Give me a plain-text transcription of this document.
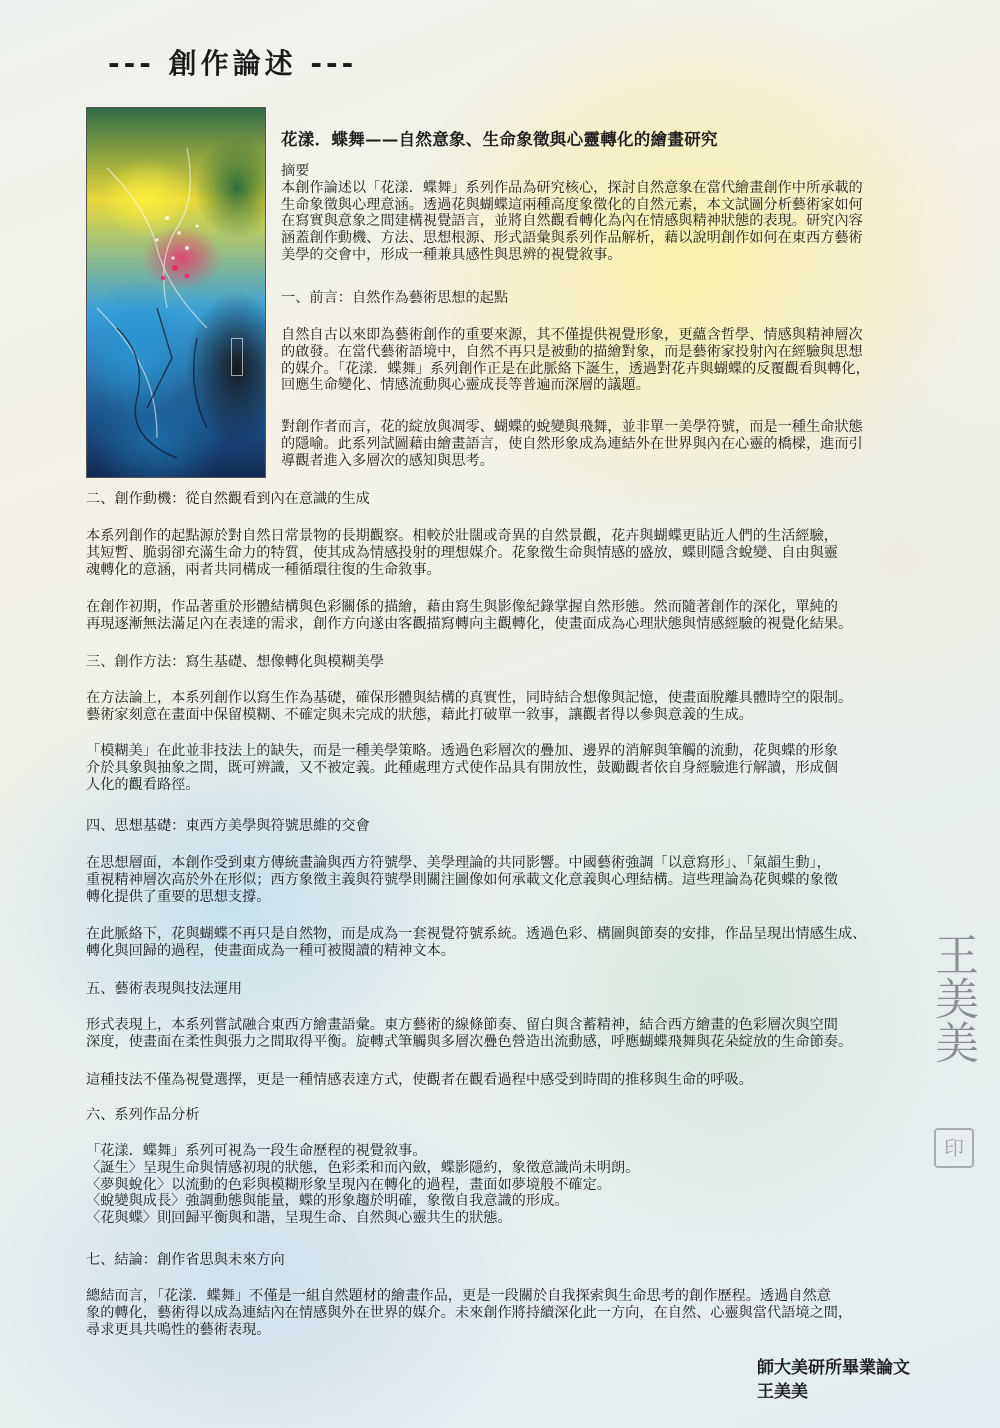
--- 創作論述 ---
花漾．蝶舞——自然意象、生命象徵與心靈轉化的繪畫研究

摘要

本創作論述以「花漾．蝶舞」系列作品為研究核心，探討自然意象在當代繪畫創作中所承載的

生命象徵與心理意涵。透過花與蝴蝶這兩種高度象徵化的自然元素，本文試圖分析藝術家如何

在寫實與意象之間建構視覺語言，並將自然觀看轉化為內在情感與精神狀態的表現。研究內容

涵蓋創作動機、方法、思想根源、形式語彙與系列作品解析，藉以說明創作如何在東西方藝術

美學的交會中，形成一種兼具感性與思辨的視覺敘事。

一、前言：自然作為藝術思想的起點

自然自古以來即為藝術創作的重要來源，其不僅提供視覺形象，更蘊含哲學、情感與精神層次

的啟發。在當代藝術語境中，自然不再只是被動的描繪對象，而是藝術家投射內在經驗與思想

的媒介。「花漾．蝶舞」系列創作正是在此脈絡下誕生，透過對花卉與蝴蝶的反覆觀看與轉化，

回應生命變化、情感流動與心靈成長等普遍而深層的議題。

對創作者而言，花的綻放與凋零、蝴蝶的蛻變與飛舞，並非單一美學符號，而是一種生命狀態

的隱喻。此系列試圖藉由繪畫語言，使自然形象成為連結外在世界與內在心靈的橋樑，進而引

導觀者進入多層次的感知與思考。

二、創作動機：從自然觀看到內在意識的生成

本系列創作的起點源於對自然日常景物的長期觀察。相較於壯闊或奇異的自然景觀，花卉與蝴蝶更貼近人們的生活經驗，

其短暫、脆弱卻充滿生命力的特質，使其成為情感投射的理想媒介。花象徵生命與情感的盛放，蝶則隱含蛻變、自由與靈

魂轉化的意涵，兩者共同構成一種循環往復的生命敘事。

在創作初期，作品著重於形體結構與色彩關係的描繪，藉由寫生與影像紀錄掌握自然形態。然而隨著創作的深化，單純的

再現逐漸無法滿足內在表達的需求，創作方向遂由客觀描寫轉向主觀轉化，使畫面成為心理狀態與情感經驗的視覺化結果。

三、創作方法：寫生基礎、想像轉化與模糊美學

在方法論上，本系列創作以寫生作為基礎，確保形體與結構的真實性，同時結合想像與記憶，使畫面脫離具體時空的限制。

藝術家刻意在畫面中保留模糊、不確定與未完成的狀態，藉此打破單一敘事，讓觀者得以參與意義的生成。

「模糊美」在此並非技法上的缺失，而是一種美學策略。透過色彩層次的疊加、邊界的消解與筆觸的流動，花與蝶的形象

介於具象與抽象之間，既可辨識，又不被定義。此種處理方式使作品具有開放性，鼓勵觀者依自身經驗進行解讀，形成個

人化的觀看路徑。

四、思想基礎：東西方美學與符號思維的交會

在思想層面，本創作受到東方傳統畫論與西方符號學、美學理論的共同影響。中國藝術強調「以意寫形」、「氣韻生動」，

重視精神層次高於外在形似；西方象徵主義與符號學則關注圖像如何承載文化意義與心理結構。這些理論為花與蝶的象徵

轉化提供了重要的思想支撐。

在此脈絡下，花與蝴蝶不再只是自然物，而是成為一套視覺符號系統。透過色彩、構圖與節奏的安排，作品呈現出情感生成、

轉化與回歸的過程，使畫面成為一種可被閱讀的精神文本。

五、藝術表現與技法運用

形式表現上，本系列嘗試融合東西方繪畫語彙。東方藝術的線條節奏、留白與含蓄精神，結合西方繪畫的色彩層次與空間

深度，使畫面在柔性與張力之間取得平衡。旋轉式筆觸與多層次疊色營造出流動感，呼應蝴蝶飛舞與花朵綻放的生命節奏。

這種技法不僅為視覺選擇，更是一種情感表達方式，使觀者在觀看過程中感受到時間的推移與生命的呼吸。

六、系列作品分析

「花漾．蝶舞」系列可視為一段生命歷程的視覺敘事。

〈誕生〉呈現生命與情感初現的狀態，色彩柔和而內斂，蝶影隱約，象徵意識尚未明朗。

〈夢與蛻化〉以流動的色彩與模糊形象呈現內在轉化的過程，畫面如夢境般不確定。

〈蛻變與成長〉強調動態與能量，蝶的形象趨於明確，象徵自我意識的形成。

〈花與蝶〉則回歸平衡與和諧，呈現生命、自然與心靈共生的狀態。

七、結論：創作省思與未來方向

總結而言，「花漾．蝶舞」不僅是一組自然題材的繪畫作品，更是一段關於自我探索與生命思考的創作歷程。透過自然意

象的轉化，藝術得以成為連結內在情感與外在世界的媒介。未來創作將持續深化此一方向，在自然、心靈與當代語境之間，

尋求更具共鳴性的藝術表現。

王美美
印
師大美研所畢業論文
王美美
